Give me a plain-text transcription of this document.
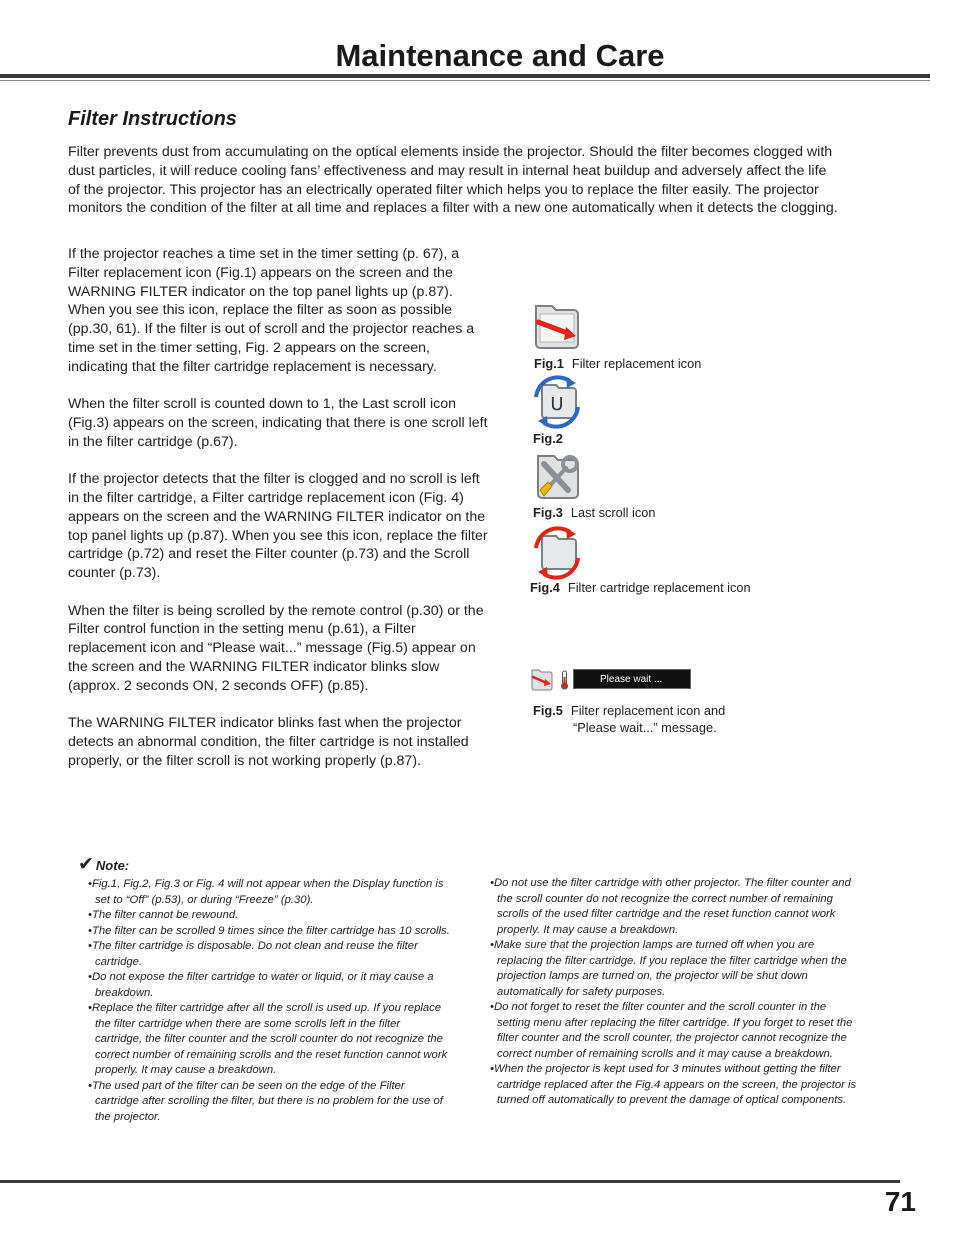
Maintenance and Care
Filter Instructions

Filter prevents dust from accumulating on the optical elements inside the projector. Should the filter becomes clogged with dust particles, it will reduce cooling fans’ effectiveness and may result in internal heat buildup and adversely affect the life of the projector. This projector has an electrically operated filter which helps you to replace the filter easily. The projector monitors the condition of the filter at all time and replaces a filter with a new one automatically when it detects the clogging.

If the projector reaches a time set in the timer setting (p. 67), a Filter replacement icon (Fig.1) appears on the screen and the WARNING FILTER indicator on the top panel lights up (p.87). When you see this icon, replace the filter as soon as possible (pp.30, 61). If the filter is out of scroll and the projector reaches a time set in the timer setting, Fig. 2 appears on the screen, indicating that the filter cartridge replacement is necessary.

When the filter scroll is counted down to 1, the Last scroll icon (Fig.3) appears on the screen, indicating that there is one scroll left in the filter cartridge (p.67).

If the projector detects that the filter is clogged and no scroll is left in the filter cartridge, a Filter cartridge replacement icon (Fig. 4) appears on the screen and the WARNING FILTER indicator on the top panel lights up (p.87). When you see this icon, replace the filter cartridge (p.72) and reset the Filter counter (p.73) and the Scroll counter (p.73).

When the filter is being scrolled by the remote control (p.30) or the Filter control function in the setting menu (p.61), a Filter replacement icon and “Please wait...” message (Fig.5) appear on the screen and the WARNING FILTER indicator blinks slow (approx. 2 seconds ON, 2 seconds OFF) (p.85).

The WARNING FILTER indicator blinks fast when the projector detects an abnormal condition, the filter cartridge is not installed properly, or the filter scroll is not working properly (p.87).

Fig.1 Filter replacement icon
U
Fig.2
Fig.3 Last scroll icon
Fig.4 Filter cartridge replacement icon
Please wait ...
Fig.5 Filter replacement icon and
“Please wait...” message.
✔ Note:
•Fig.1, Fig.2, Fig.3 or Fig. 4 will not appear when the Display function is set to “Off” (p.53), or during “Freeze” (p.30).
•The filter cannot be rewound.
•The filter can be scrolled 9 times since the filter cartridge has 10 scrolls.
•The filter cartridge is disposable. Do not clean and reuse the filter cartridge.
•Do not expose the filter cartridge to water or liquid, or it may cause a breakdown.
•Replace the filter cartridge after all the scroll is used up. If you replace the filter cartridge when there are some scrolls left in the filter cartridge, the filter counter and the scroll counter do not recognize the correct number of remaining scrolls and the reset function cannot work properly. It may cause a breakdown.
•The used part of the filter can be seen on the edge of the Filter cartridge after scrolling the filter, but there is no problem for the use of the projector.
•Do not use the filter cartridge with other projector. The filter counter and the scroll counter do not recognize the correct number of remaining scrolls of the used filter cartridge and the reset function cannot work properly. It may cause a breakdown.
•Make sure that the projection lamps are turned off when you are replacing the filter cartridge. If you replace the filter cartridge when the projection lamps are turned on, the projector will be shut down automatically for safety purposes.
•Do not forget to reset the filter counter and the scroll counter in the setting menu after replacing the filter cartridge. If you forget to reset the filter counter and the scroll counter, the projector cannot recognize the correct number of remaining scrolls and it may cause a breakdown.
•When the projector is kept used for 3 minutes without getting the filter cartridge replaced after the Fig.4 appears on the screen, the projector is turned off automatically to prevent the damage of optical components.
71
